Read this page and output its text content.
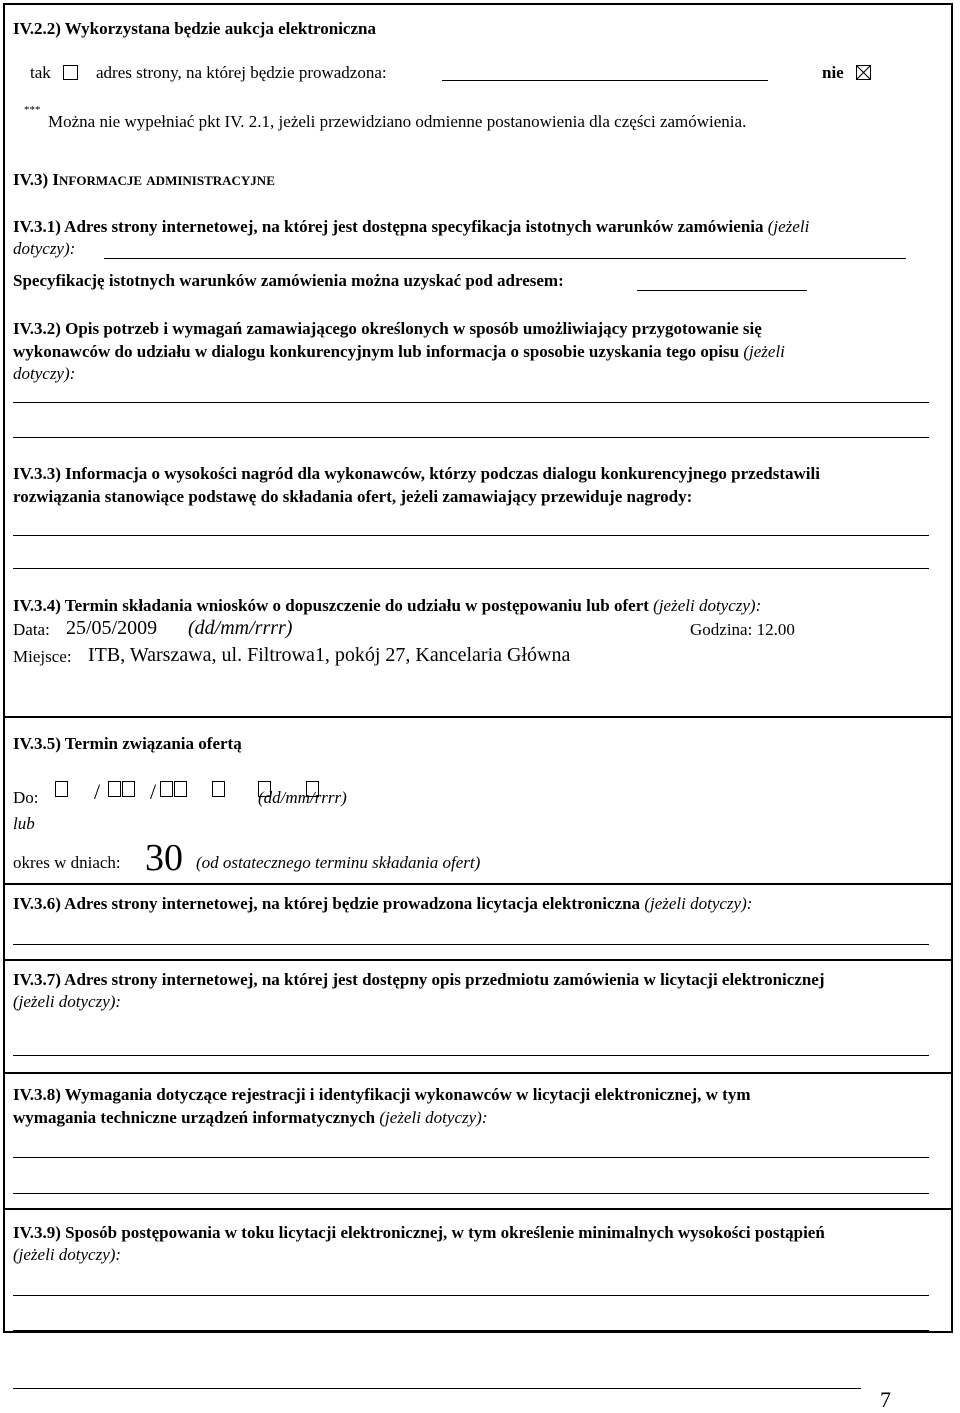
IV.2.2) Wykorzystana będzie aukcja elektroniczna
tak	adres strony, na której będzie prowadzona:	nie
***
Można nie wypełniać pkt IV. 2.1, jeżeli przewidziano odmienne postanowienia dla części zamówienia.
IV.3) INFORMACJE ADMINISTRACYJNE
IV.3.1) Adres strony internetowej, na której jest dostępna specyfikacja istotnych warunków zamówienia (jeżeli
dotyczy):
Specyfikację istotnych warunków zamówienia można uzyskać pod adresem:
IV.3.2) Opis potrzeb i wymagań zamawiającego określonych w sposób umożliwiający przygotowanie się
wykonawców do udziału w dialogu konkurencyjnym lub informacja o sposobie uzyskania tego opisu (jeżeli
dotyczy):
IV.3.3) Informacja o wysokości nagród dla wykonawców, którzy podczas dialogu konkurencyjnego przedstawili
rozwiązania stanowiące podstawę do składania ofert, jeżeli zamawiający przewiduje nagrody:
IV.3.4) Termin składania wniosków o dopuszczenie do udziału w postępowaniu lub ofert (jeżeli dotyczy):
Data: 25/05/2009 (dd/mm/rrrr)	Godzina: 12.00
Miejsce: ITB, Warszawa, ul. Filtrowa1, pokój 27, Kancelaria Główna
IV.3.5) Termin związania ofertą
Do:	/ /	(dd/mm/rrrr)
lub
okres w dniach: 30 (od ostatecznego terminu składania ofert)
IV.3.6) Adres strony internetowej, na której będzie prowadzona licytacja elektroniczna (jeżeli dotyczy):
IV.3.7) Adres strony internetowej, na której jest dostępny opis przedmiotu zamówienia w licytacji elektronicznej
(jeżeli dotyczy):
IV.3.8) Wymagania dotyczące rejestracji i identyfikacji wykonawców w licytacji elektronicznej, w tym
wymagania techniczne urządzeń informatycznych (jeżeli dotyczy):
IV.3.9) Sposób postępowania w toku licytacji elektronicznej, w tym określenie minimalnych wysokości postąpień
(jeżeli dotyczy):
7
